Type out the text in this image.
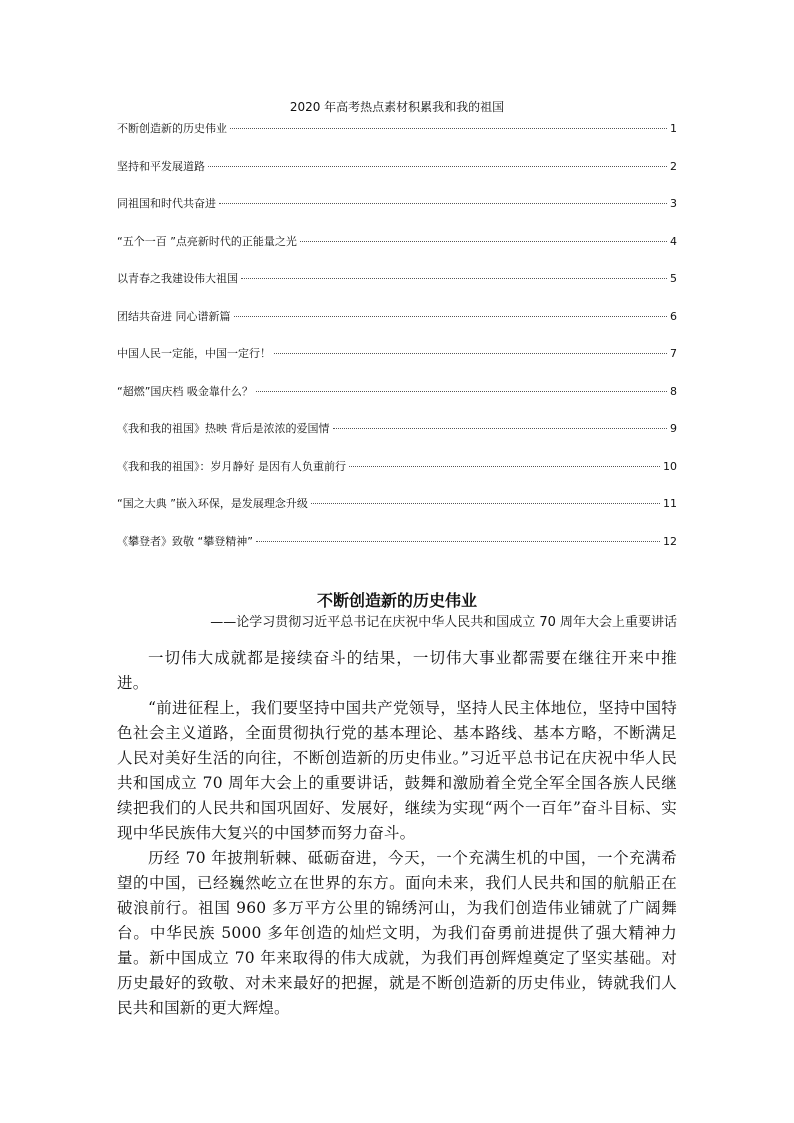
2020 年高考热点素材积累我和我的祖国
不断创造新的历史伟业	1
坚持和平发展道路	2
同祖国和时代共奋进	3
“五个一百 ”点亮新时代的正能量之光	4
以青春之我建设伟大祖国	5
团结共奋进 同心谱新篇	6
中国人民一定能，中国一定行！	7
“超燃”国庆档 吸金靠什么？	8
《我和我的祖国》热映 背后是浓浓的爱国情	9
《我和我的祖国》：岁月静好 是因有人负重前行	10
“国之大典 ”嵌入环保，是发展理念升级	11
《攀登者》致敬 “攀登精神”	12
不断创造新的历史伟业

——论学习贯彻习近平总书记在庆祝中华人民共和国成立 70 周年大会上重要讲话

一切伟大成就都是接续奋斗的结果，一切伟大事业都需要在继往开来中推进。

“前进征程上，我们要坚持中国共产党领导，坚持人民主体地位，坚持中国特色社会主义道路，全面贯彻执行党的基本理论、基本路线、基本方略，不断满足人民对美好生活的向往，不断创造新的历史伟业。”习近平总书记在庆祝中华人民共和国成立 70 周年大会上的重要讲话，鼓舞和激励着全党全军全国各族人民继续把我们的人民共和国巩固好、发展好，继续为实现“两个一百年”奋斗目标、实现中华民族伟大复兴的中国梦而努力奋斗。

历经 70 年披荆斩棘、砥砺奋进，今天，一个充满生机的中国，一个充满希望的中国，已经巍然屹立在世界的东方。面向未来，我们人民共和国的航船正在破浪前行。祖国 960 多万平方公里的锦绣河山，为我们创造伟业铺就了广阔舞台。中华民族 5000 多年创造的灿烂文明，为我们奋勇前进提供了强大精神力量。新中国成立 70 年来取得的伟大成就，为我们再创辉煌奠定了坚实基础。对历史最好的致敬、对未来最好的把握，就是不断创造新的历史伟业，铸就我们人民共和国新的更大辉煌。
